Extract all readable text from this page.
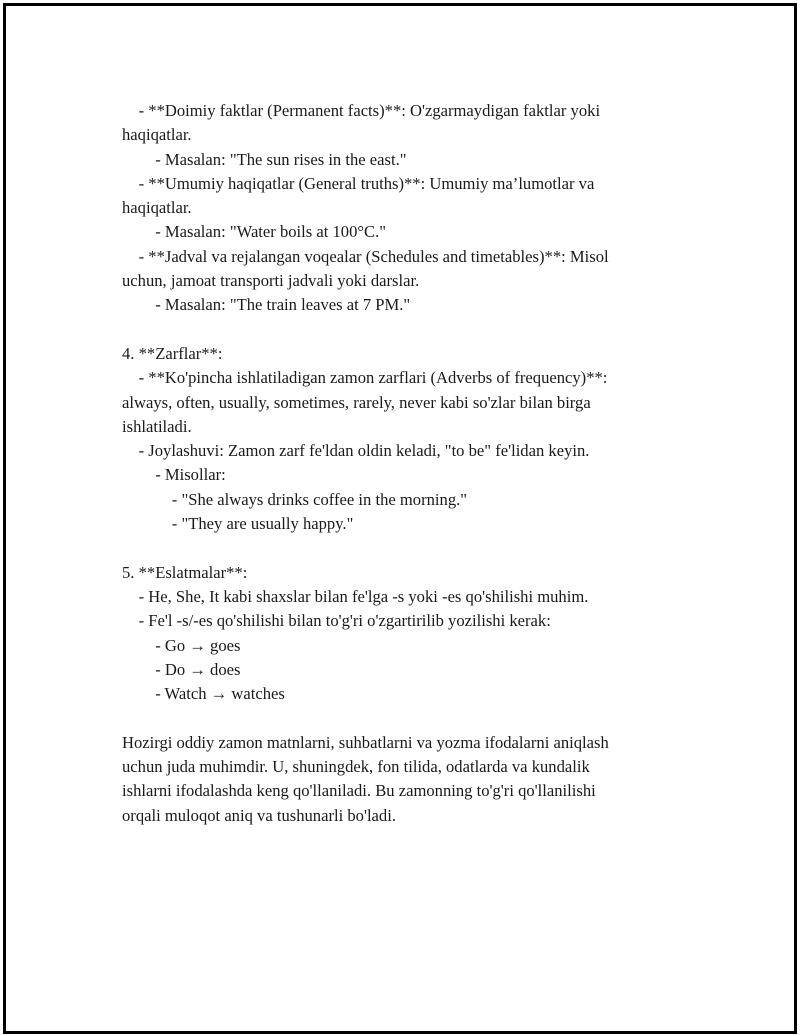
- **Doimiy faktlar (Permanent facts)**: O'zgarmaydigan faktlar yoki
haqiqatlar.
- Masalan: "The sun rises in the east."
- **Umumiy haqiqatlar (General truths)**: Umumiy ma’lumotlar va
haqiqatlar.
- Masalan: "Water boils at 100°C."
- **Jadval va rejalangan voqealar (Schedules and timetables)**: Misol
uchun, jamoat transporti jadvali yoki darslar.
- Masalan: "The train leaves at 7 PM."
4. **Zarflar**:
- **Ko'pincha ishlatiladigan zamon zarflari (Adverbs of frequency)**:
always, often, usually, sometimes, rarely, never kabi so'zlar bilan birga
ishlatiladi.
- Joylashuvi: Zamon zarf fe'ldan oldin keladi, "to be" fe'lidan keyin.
- Misollar:
- "She always drinks coffee in the morning."
- "They are usually happy."
5. **Eslatmalar**:
- He, She, It kabi shaxslar bilan fe'lga -s yoki -es qo'shilishi muhim.
- Fe'l -s/-es qo'shilishi bilan to'g'ri o'zgartirilib yozilishi kerak:
- Go → goes
- Do → does
- Watch → watches
Hozirgi oddiy zamon matnlarni, suhbatlarni va yozma ifodalarni aniqlash
uchun juda muhimdir. U, shuningdek, fon tilida, odatlarda va kundalik
ishlarni ifodalashda keng qo'llaniladi. Bu zamonning to'g'ri qo'llanilishi
orqali muloqot aniq va tushunarli bo'ladi.
